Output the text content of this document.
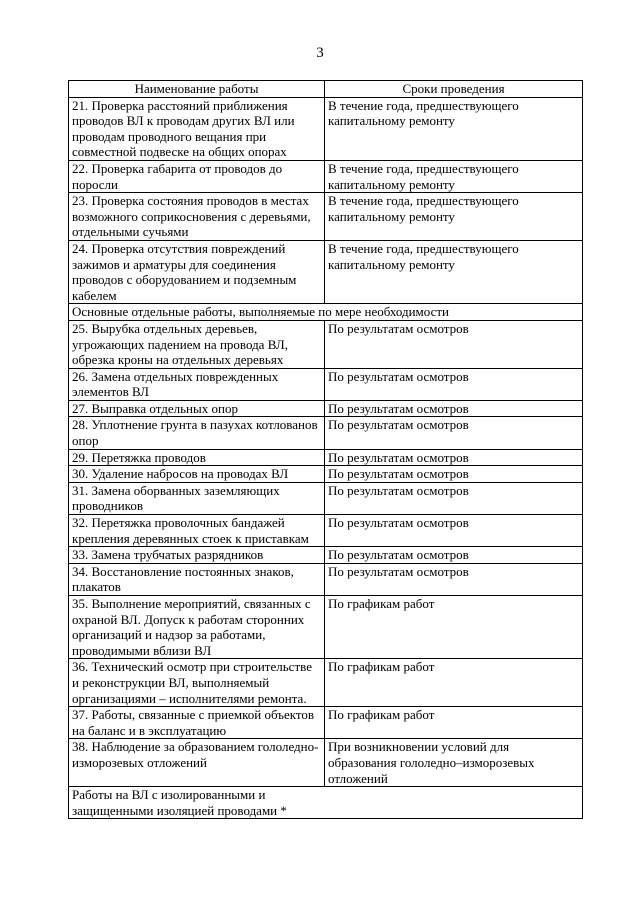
3
Наименование работы	Сроки проведения

21. Проверка расстояний приближения
проводов ВЛ к проводам других ВЛ или
проводам проводного вещания при
совместной подвеске на общих опорах	В течение года, предшествующего
капитальному ремонту

22. Проверка габарита от проводов до
поросли	В течение года, предшествующего
капитальному ремонту

23. Проверка состояния проводов в местах
возможного соприкосновения с деревьями,
отдельными сучьями	В течение года, предшествующего
капитальному ремонту

24. Проверка отсутствия повреждений
зажимов и арматуры для соединения
проводов с оборудованием и подземным
кабелем	В течение года, предшествующего
капитальному ремонту

Основные отдельные работы, выполняемые по мере необходимости	

25. Вырубка отдельных деревьев,
угрожающих падением на провода ВЛ,
обрезка кроны на отдельных деревьях	По результатам осмотров

26. Замена отдельных поврежденных
элементов ВЛ	По результатам осмотров

27. Выправка отдельных опор	По результатам осмотров

28. Уплотнение грунта в пазухах котлованов
опор	По результатам осмотров

29. Перетяжка проводов	По результатам осмотров

30. Удаление набросов на проводах ВЛ	По результатам осмотров

31. Замена оборванных заземляющих
проводников	По результатам осмотров

32. Перетяжка проволочных бандажей
крепления деревянных стоек к приставкам	По результатам осмотров

33. Замена трубчатых разрядников	По результатам осмотров

34. Восстановление постоянных знаков,
плакатов	По результатам осмотров

35. Выполнение мероприятий, связанных с
охраной ВЛ. Допуск к работам сторонних
организаций и надзор за работами,
проводимыми вблизи ВЛ	По графикам работ

36. Технический осмотр при строительстве
и реконструкции ВЛ, выполняемый
организациями – исполнителями ремонта.	По графикам работ

37. Работы, связанные с приемкой объектов
на баланс и в эксплуатацию	По графикам работ

38. Наблюдение за образованием гололедно-
изморозевых отложений	При возникновении условий для
образования гололедно–изморозевых
отложений

Работы на ВЛ с изолированными и
защищенными изоляцией проводами *	
